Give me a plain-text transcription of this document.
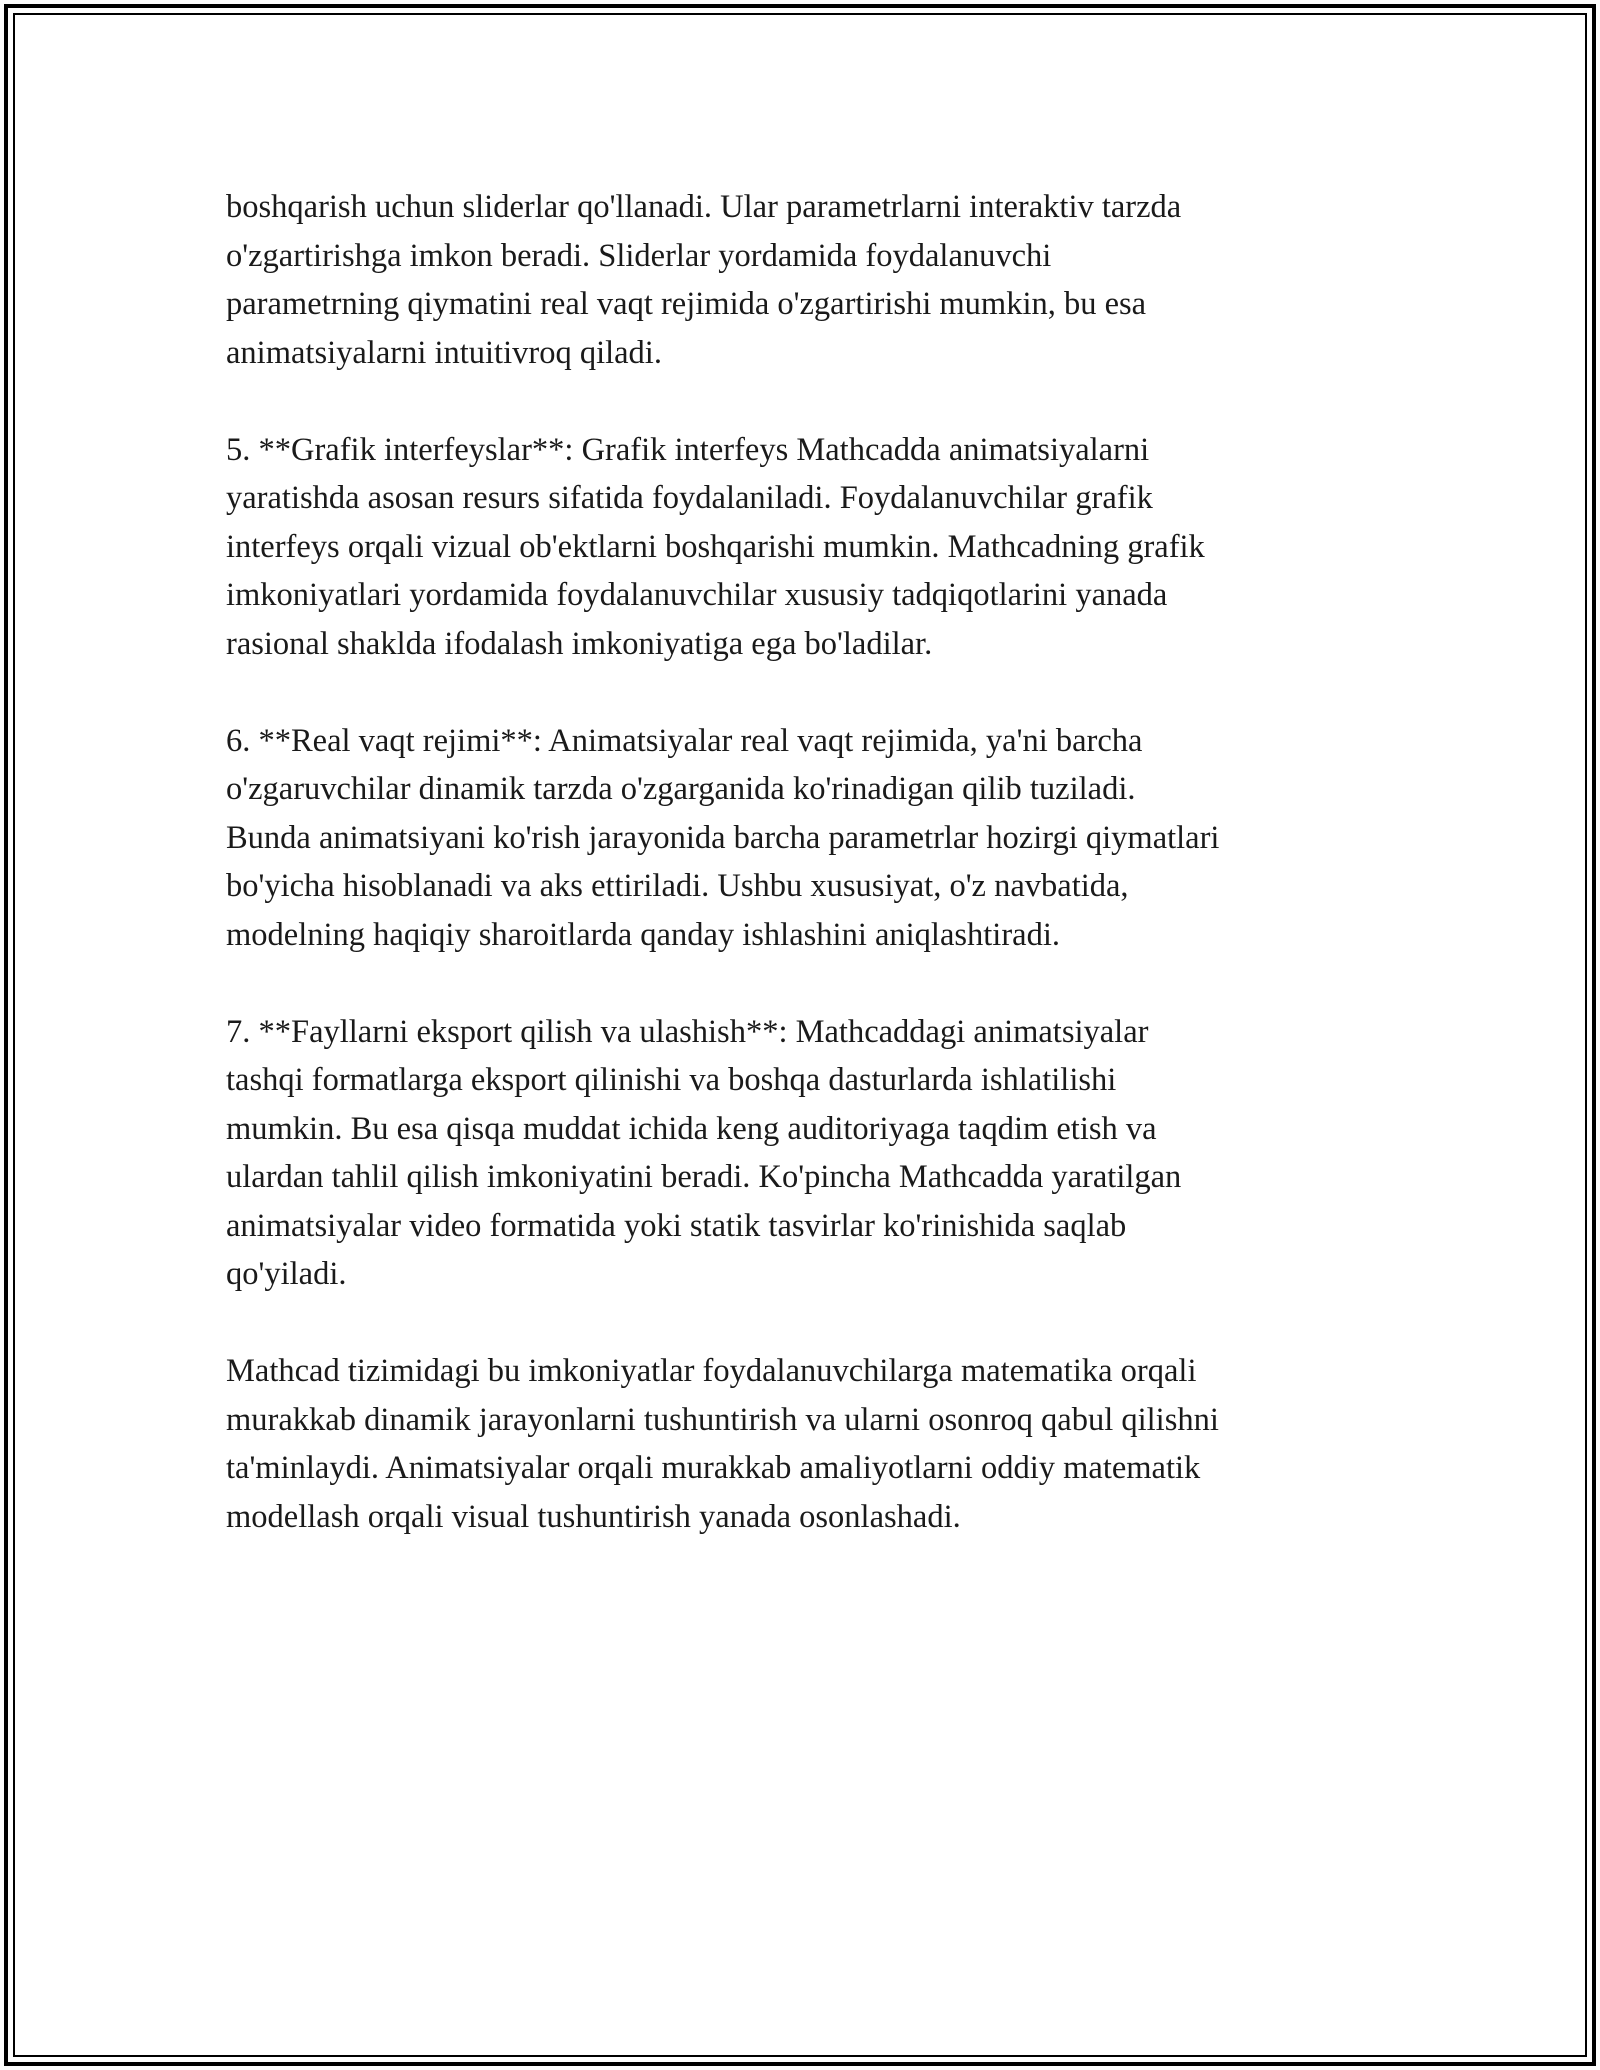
boshqarish uchun sliderlar qo'llanadi. Ular parametrlarni interaktiv tarzda
o'zgartirishga imkon beradi. Sliderlar yordamida foydalanuvchi
parametrning qiymatini real vaqt rejimida o'zgartirishi mumkin, bu esa
animatsiyalarni intuitivroq qiladi.

5. **Grafik interfeyslar**: Grafik interfeys Mathcadda animatsiyalarni
yaratishda asosan resurs sifatida foydalaniladi. Foydalanuvchilar grafik
interfeys orqali vizual ob'ektlarni boshqarishi mumkin. Mathcadning grafik
imkoniyatlari yordamida foydalanuvchilar xususiy tadqiqotlarini yanada
rasional shaklda ifodalash imkoniyatiga ega bo'ladilar.

6. **Real vaqt rejimi**: Animatsiyalar real vaqt rejimida, ya'ni barcha
o'zgaruvchilar dinamik tarzda o'zgarganida ko'rinadigan qilib tuziladi.
Bunda animatsiyani ko'rish jarayonida barcha parametrlar hozirgi qiymatlari
bo'yicha hisoblanadi va aks ettiriladi. Ushbu xususiyat, o'z navbatida,
modelning haqiqiy sharoitlarda qanday ishlashini aniqlashtiradi.

7. **Fayllarni eksport qilish va ulashish**: Mathcaddagi animatsiyalar
tashqi formatlarga eksport qilinishi va boshqa dasturlarda ishlatilishi
mumkin. Bu esa qisqa muddat ichida keng auditoriyaga taqdim etish va
ulardan tahlil qilish imkoniyatini beradi. Ko'pincha Mathcadda yaratilgan
animatsiyalar video formatida yoki statik tasvirlar ko'rinishida saqlab
qo'yiladi.

Mathcad tizimidagi bu imkoniyatlar foydalanuvchilarga matematika orqali
murakkab dinamik jarayonlarni tushuntirish va ularni osonroq qabul qilishni
ta'minlaydi. Animatsiyalar orqali murakkab amaliyotlarni oddiy matematik
modellash orqali visual tushuntirish yanada osonlashadi.
